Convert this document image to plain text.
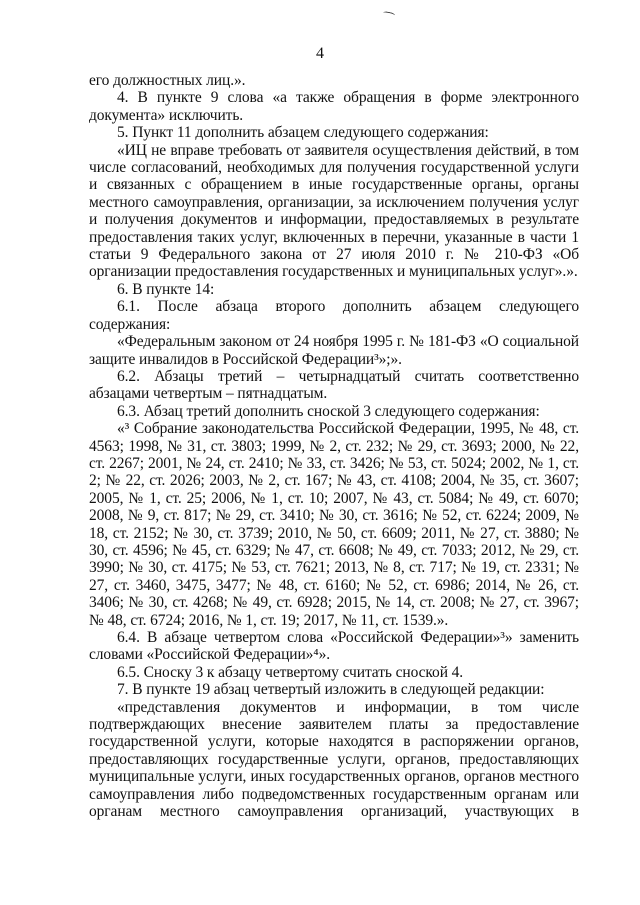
4

его должностных лиц.».

4. В пункте 9 слова «а также обращения в форме электронного документа» исключить.

5. Пункт 11 дополнить абзацем следующего содержания:

«ИЦ не вправе требовать от заявителя осуществления действий, в том числе согласований, необходимых для получения государственной услуги и связанных с обращением в иные государственные органы, органы местного самоуправления, организации, за исключением получения услуг и получения документов и информации, предоставляемых в результате предоставления таких услуг, включенных в перечни, указанные в части 1 статьи 9 Федерального закона от 27 июля 2010 г. № 210-ФЗ «Об организации предоставления государственных и муниципальных услуг».».

6. В пункте 14:

6.1. После абзаца второго дополнить абзацем следующего содержания:

«Федеральным законом от 24 ноября 1995 г. № 181-ФЗ «О социальной защите инвалидов в Российской Федерации³»;».

6.2. Абзацы третий – четырнадцатый считать соответственно абзацами четвертым – пятнадцатым.

6.3. Абзац третий дополнить сноской 3 следующего содержания:

«³ Собрание законодательства Российской Федерации, 1995, № 48, ст. 4563; 1998, № 31, ст. 3803; 1999, № 2, ст. 232; № 29, ст. 3693; 2000, № 22, ст. 2267; 2001, № 24, ст. 2410; № 33, ст. 3426; № 53, ст. 5024; 2002, № 1, ст. 2; № 22, ст. 2026; 2003, № 2, ст. 167; № 43, ст. 4108; 2004, № 35, ст. 3607; 2005, № 1, ст. 25; 2006, № 1, ст. 10; 2007, № 43, ст. 5084; № 49, ст. 6070; 2008, № 9, ст. 817; № 29, ст. 3410; № 30, ст. 3616; № 52, ст. 6224; 2009, № 18, ст. 2152; № 30, ст. 3739; 2010, № 50, ст. 6609; 2011, № 27, ст. 3880; № 30, ст. 4596; № 45, ст. 6329; № 47, ст. 6608; № 49, ст. 7033; 2012, № 29, ст. 3990; № 30, ст. 4175; № 53, ст. 7621; 2013, № 8, ст. 717; № 19, ст. 2331; № 27, ст. 3460, 3475, 3477; № 48, ст. 6160; № 52, ст. 6986; 2014, № 26, ст. 3406; № 30, ст. 4268; № 49, ст. 6928; 2015, № 14, ст. 2008; № 27, ст. 3967; № 48, ст. 6724; 2016, № 1, ст. 19; 2017, № 11, ст. 1539.».

6.4. В абзаце четвертом слова «Российской Федерации»³» заменить словами «Российской Федерации»⁴».

6.5. Сноску 3 к абзацу четвертому считать сноской 4.

7. В пункте 19 абзац четвертый изложить в следующей редакции:

«представления документов и информации, в том числе подтверждающих внесение заявителем платы за предоставление государственной услуги, которые находятся в распоряжении органов, предоставляющих государственные услуги, органов, предоставляющих муниципальные услуги, иных государственных органов, органов местного самоуправления либо подведомственных государственным органам или органам местного самоуправления организаций, участвующих в
